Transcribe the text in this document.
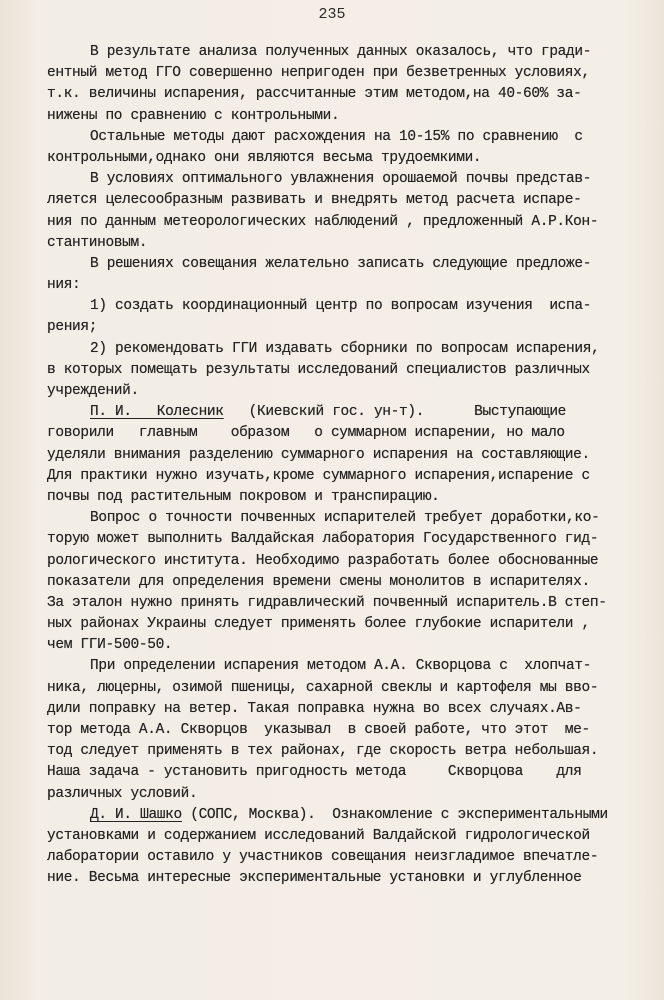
235
В результате анализа полученных данных оказалось, что гради-
ентный метод ГГО совершенно непригоден при безветренных условиях,
т.к. величины испарения, рассчитанные этим методом,на 40-60% за-
нижены по сравнению с контрольными.
Остальные методы дают расхождения на 10-15% по сравнению  с
контрольными,однако они являются весьма трудоемкими.
В условиях оптимального увлажнения орошаемой почвы представ-
ляется целесообразным развивать и внедрять метод расчета испаре-
ния по данным метеорологических наблюдений , предложенный А.Р.Кон-
стантиновым.
В решениях совещания желательно записать следующие предложе-
ния:
1) создать координационный центр по вопросам изучения  испа-
рения;
2) рекомендовать ГГИ издавать сборники по вопросам испарения,
в которых помещать результаты исследований специалистов различных
учреждений.
П. И.   Колесник   (Киевский гос. ун-т).      Выступающие
говорили   главным    образом   о суммарном испарении, но мало
уделяли внимания разделению суммарного испарения на составляющие.
Для практики нужно изучать,кроме суммарного испарения,испарение с
почвы под растительным покровом и транспирацию.
Вопрос о точности почвенных испарителей требует доработки,ко-
торую может выполнить Валдайская лаборатория Государственного гид-
рологического института. Необходимо разработать более обоснованные
показатели для определения времени смены монолитов в испарителях.
За эталон нужно принять гидравлический почвенный испаритель.В степ-
ных районах Украины следует применять более глубокие испарители ,
чем ГГИ-500-50.
При определении испарения методом А.А. Скворцова с  хлопчат-
ника, люцерны, озимой пшеницы, сахарной свеклы и картофеля мы вво-
дили поправку на ветер. Такая поправка нужна во всех случаях.Ав-
тор метода А.А. Скворцов  указывал  в своей работе, что этот  ме-
тод следует применять в тех районах, где скорость ветра небольшая.
Наша задача - установить пригодность метода     Скворцова    для
различных условий.
Д. И. Шашко (СОПС, Москва).  Ознакомление с экспериментальными
установками и содержанием исследований Валдайской гидрологической
лаборатории оставило у участников совещания неизгладимое впечатле-
ние. Весьма интересные экспериментальные установки и углубленное
